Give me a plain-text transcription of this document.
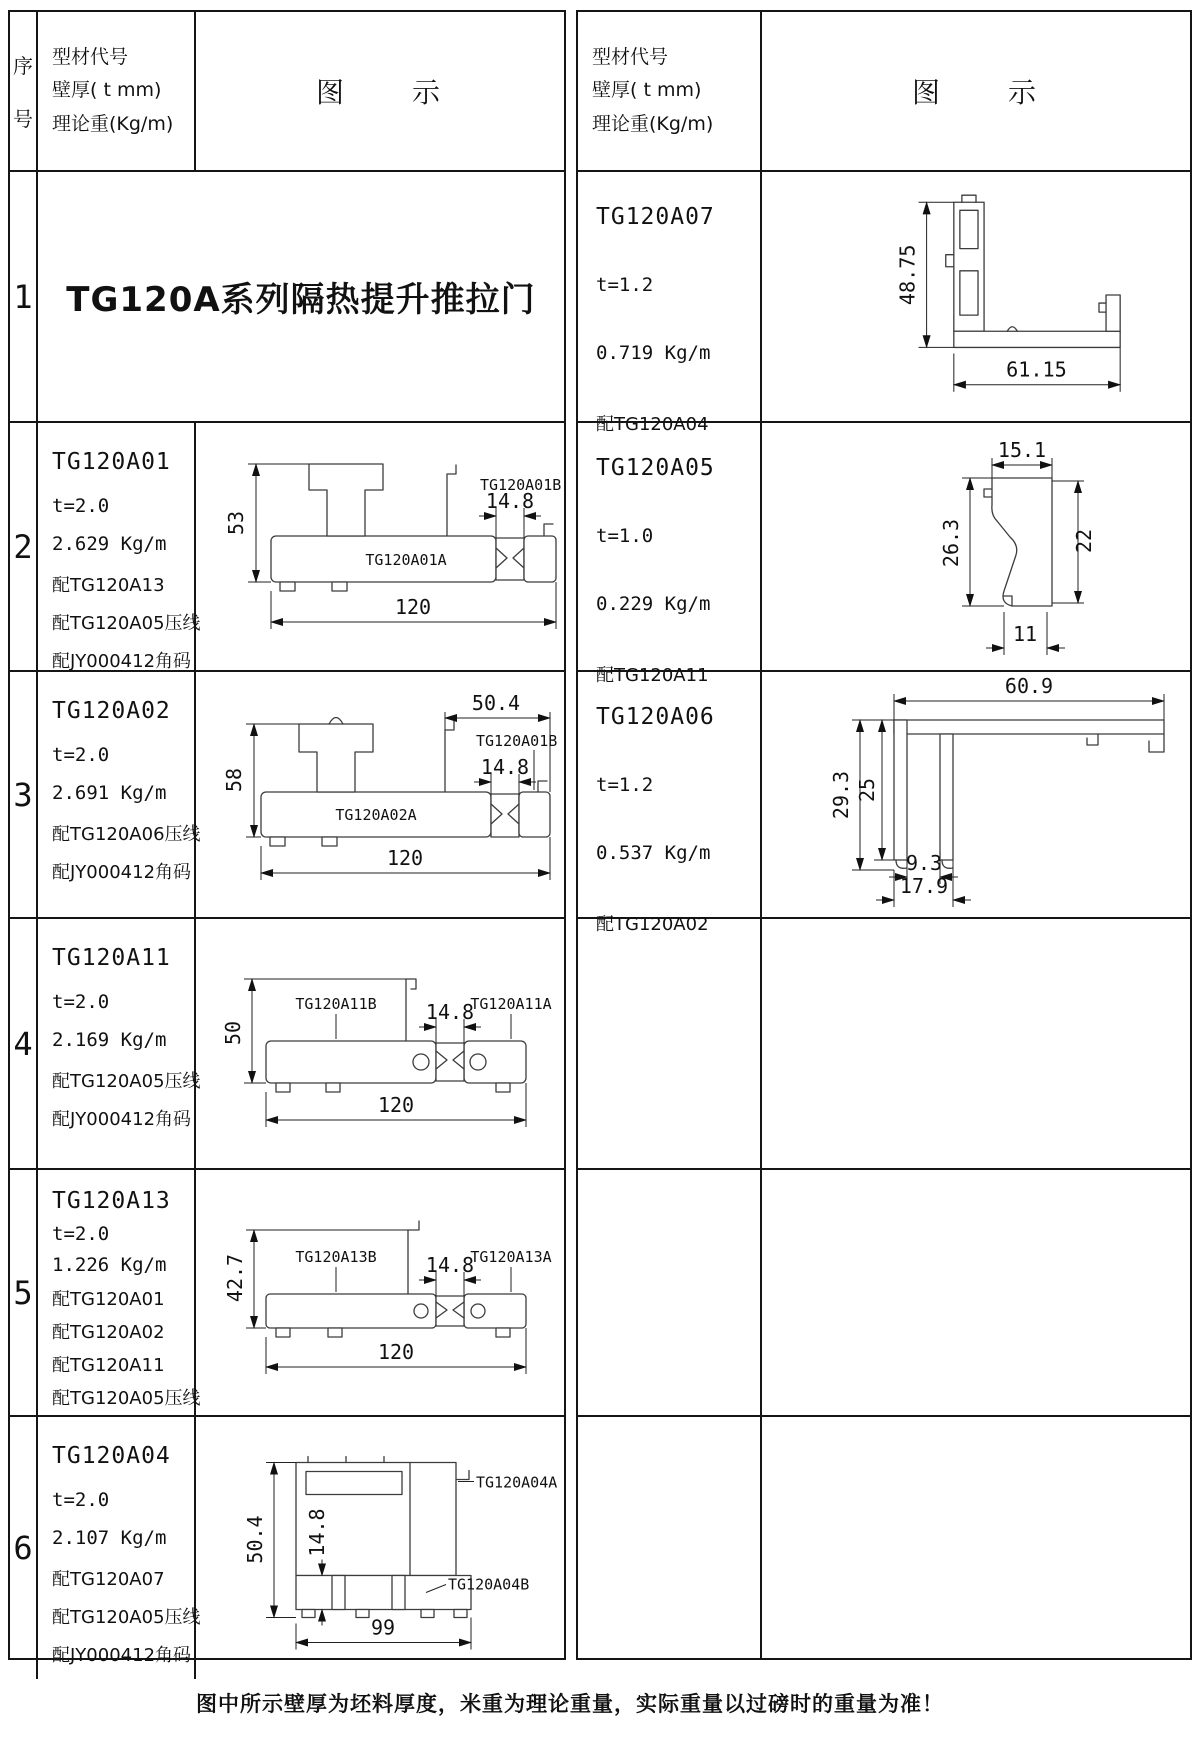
序
号
型材代号
壁厚( t mm)
理论重(Kg/m)
图　　示
1 TG120A系列隔热提升推拉门
2
TG120A01
t=2.0
2.629 Kg/m
配TG120A13
配TG120A05压线
配JY000412角码
53
14.8
TG120A01B
120
TG120A01A
3
TG120A02
t=2.0
2.691 Kg/m
配TG120A06压线
配JY000412角码
58
50.4
TG120A01B
14.8
TG120A02A
120
4
TG120A11
t=2.0
2.169 Kg/m
配TG120A05压线
配JY000412角码
50
TG120A11B 14.8
TG120A11A
120
5
TG120A13
t=2.0
1.226 Kg/m
配TG120A01
配TG120A02
配TG120A11
配TG120A05压线
42.7	TG120A13B 14.8
TG120A13A
120
6
TG120A04
t=2.0
2.107 Kg/m
配TG120A07
配TG120A05压线
配JY000412角码
50.4 14.8
TG120A04A
TG120A04B
99
型材代号
壁厚( t mm)
理论重(Kg/m)
图　　示
TG120A07
t=1.2
0.719 Kg/m
配TG120A04
48.75
61.15
TG120A05
t=1.0
0.229 Kg/m
配TG120A11
15.1
26.3	22
11
TG120A06
t=1.2
0.537 Kg/m
配TG120A02
60.9
29.3 25
9.3
17.9
图中所示壁厚为坯料厚度，米重为理论重量，实际重量以过磅时的重量为准！
